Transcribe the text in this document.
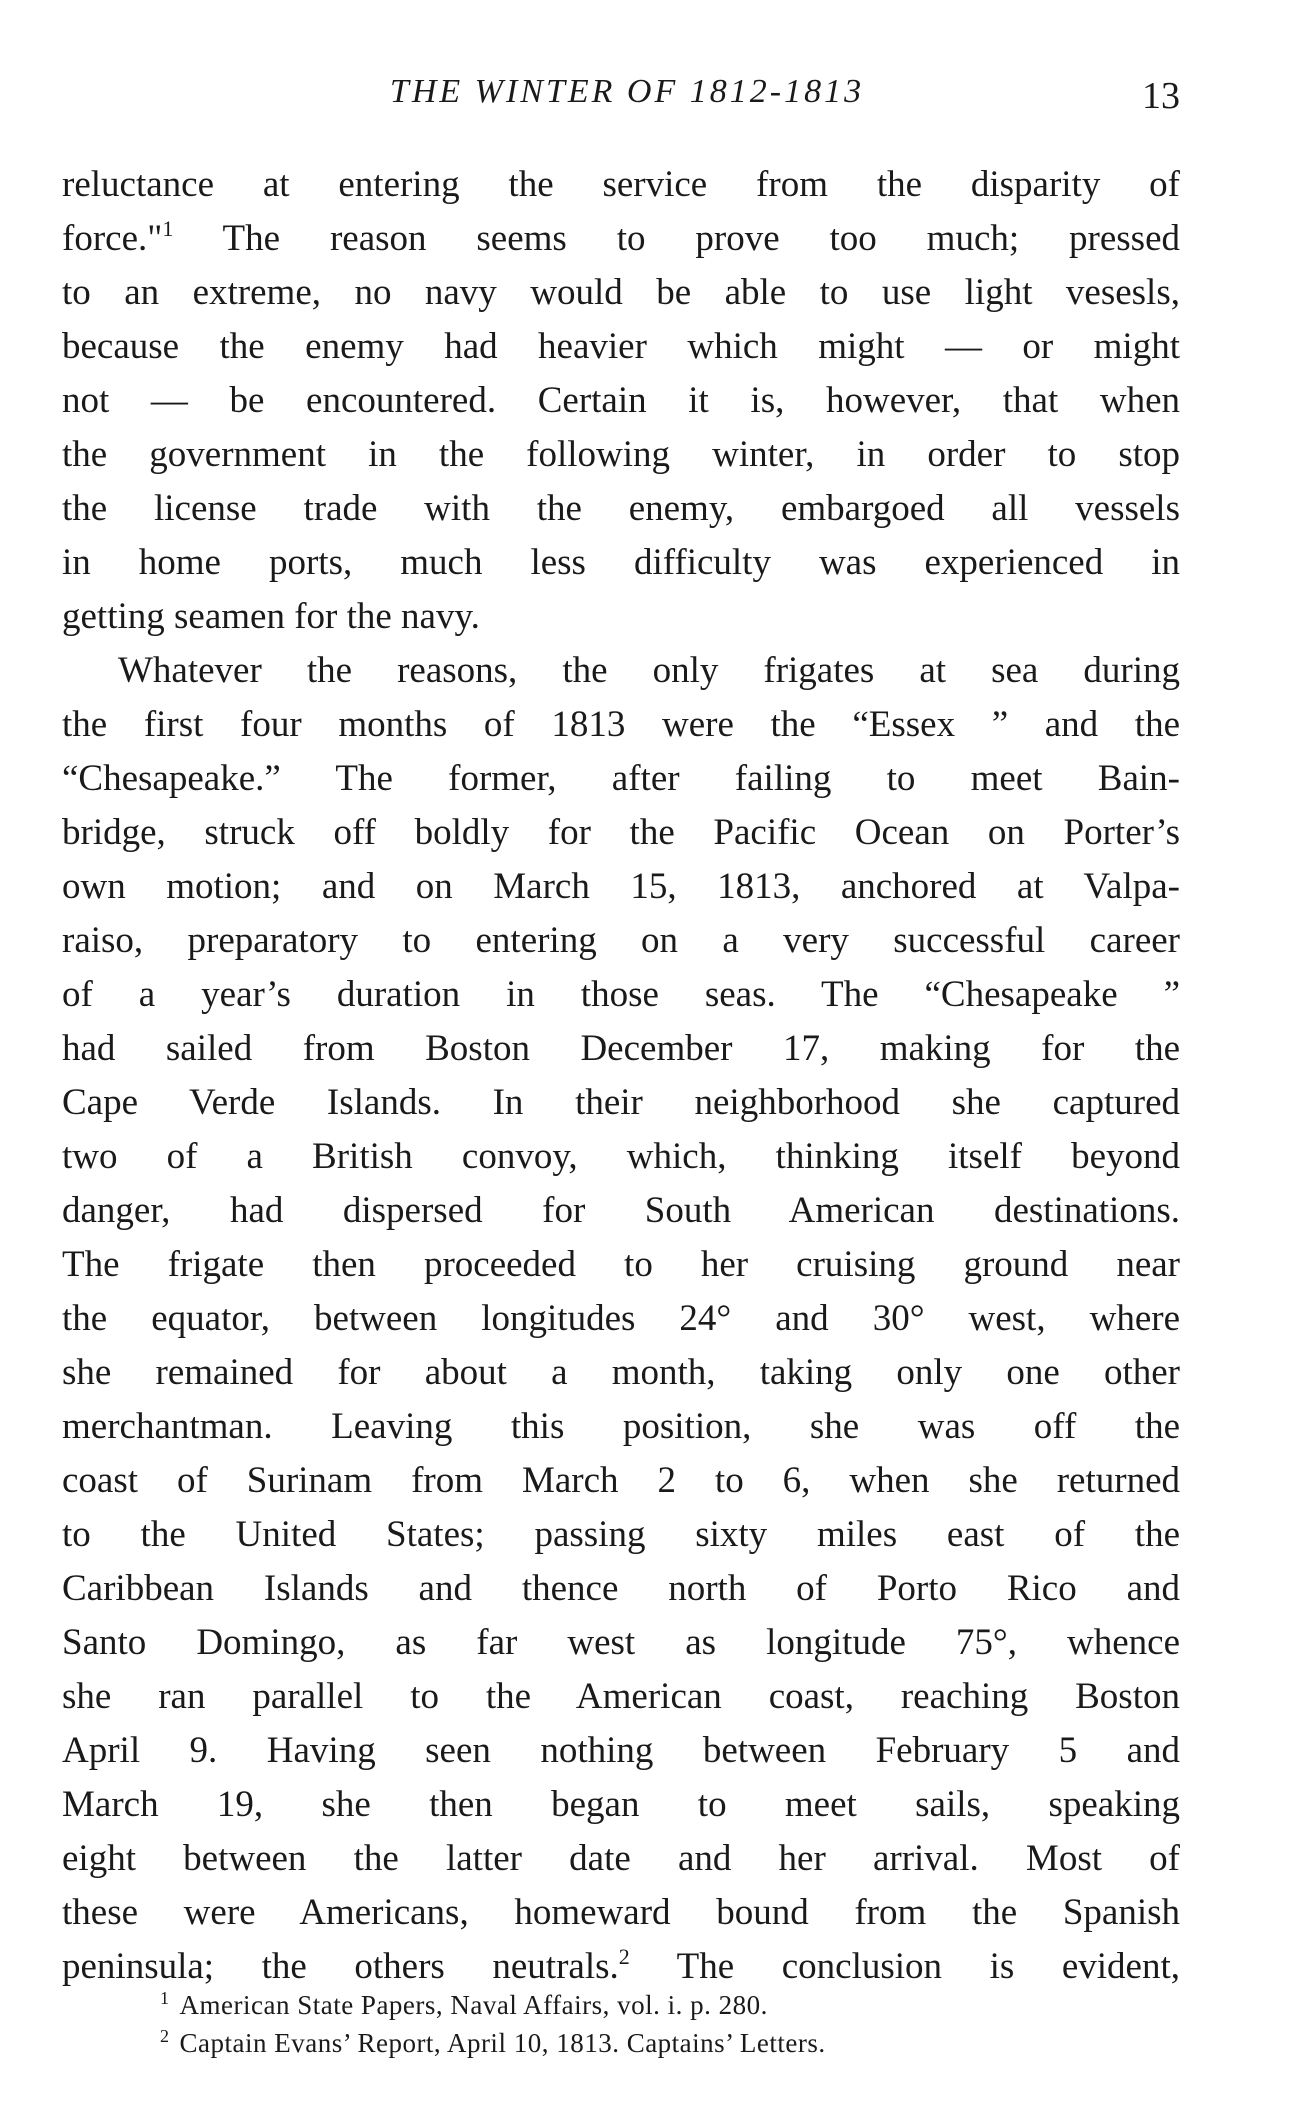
THE WINTER OF 1812-1813	13
reluctance at entering the service from the disparity of
force."$^1$ The reason seems to prove too much; pressed
to an extreme, no navy would be able to use light vesesls,
because the enemy had heavier which might — or might
not — be encountered. Certain it is, however, that when
the government in the following winter, in order to stop
the license trade with the enemy, embargoed all vessels
in home ports, much less difficulty was experienced in
getting seamen for the navy.
Whatever the reasons, the only frigates at sea during
the first four months of 1813 were the “Essex ” and the
“Chesapeake.” The former, after failing to meet Bain-
bridge, struck off boldly for the Pacific Ocean on Porter’s
own motion; and on March 15, 1813, anchored at Valpa-
raiso, preparatory to entering on a very successful career
of a year’s duration in those seas. The “Chesapeake ”
had sailed from Boston December 17, making for the
Cape Verde Islands. In their neighborhood she captured
two of a British convoy, which, thinking itself beyond
danger, had dispersed for South American destinations.
The frigate then proceeded to her cruising ground near
the equator, between longitudes 24° and 30° west, where
she remained for about a month, taking only one other
merchantman. Leaving this position, she was off the
coast of Surinam from March 2 to 6, when she returned
to the United States; passing sixty miles east of the
Caribbean Islands and thence north of Porto Rico and
Santo Domingo, as far west as longitude 75°, whence
she ran parallel to the American coast, reaching Boston
April 9. Having seen nothing between February 5 and
March 19, she then began to meet sails, speaking
eight between the latter date and her arrival. Most of
these were Americans, homeward bound from the Spanish
peninsula; the others neutrals.$^2$ The conclusion is evident,
$^1$ American State Papers, Naval Affairs, vol. i. p. 280.
$^2$ Captain Evans’ Report, April 10, 1813. Captains’ Letters.
